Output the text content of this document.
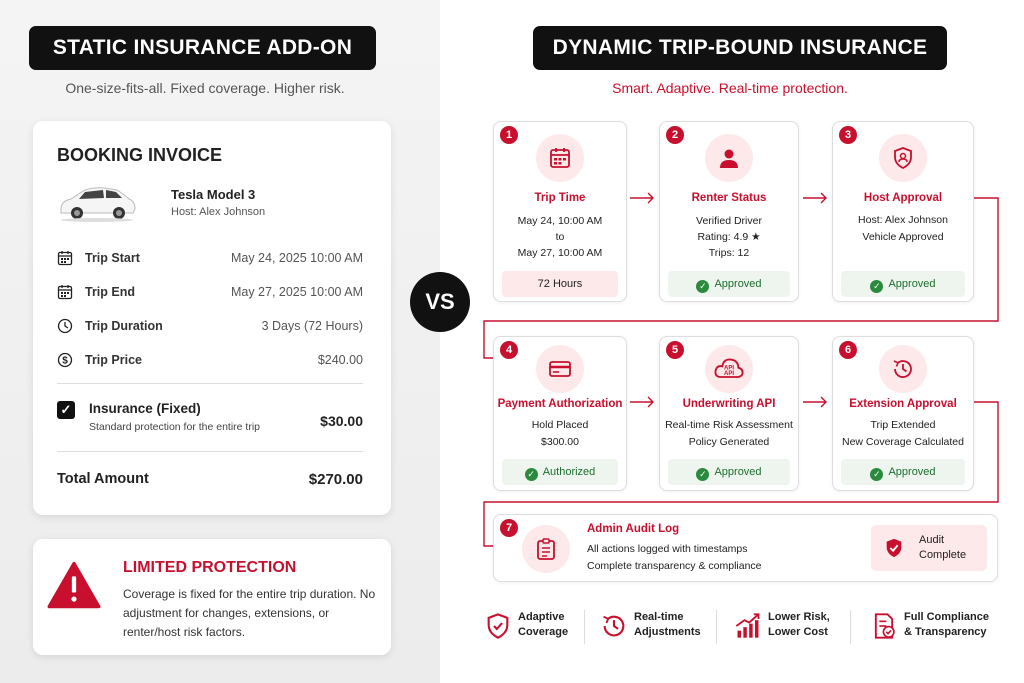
STATIC INSURANCE ADD-ON
One-size-fits-all. Fixed coverage. Higher risk.
BOOKING INVOICE
Tesla Model 3
Host: Alex Johnson
Trip Start	May 24, 2025 10:00 AM
Trip End	May 27, 2025 10:00 AM
Trip Duration	3 Days (72 Hours)
$ Trip Price	$240.00
✓ Insurance (Fixed)
Standard protection for the entire trip	$30.00
Total Amount	$270.00
LIMITED PROTECTION
Coverage is fixed for the entire trip duration. No adjustment for changes, extensions, or renter/host risk factors.
VS
DYNAMIC TRIP-BOUND INSURANCE
Smart. Adaptive. Real-time protection.
1
Trip Time
May 24, 10:00 AM
to
May 27, 10:00 AM
72 Hours
2
Renter Status
Verified Driver
Rating: 4.9 ★
Trips: 12
✓ Approved
3
Host Approval
Host: Alex Johnson
Vehicle Approved
✓ Approved
4
Payment Authorization
Hold Placed
$300.00
✓ Authorized
5
API
API
Underwriting API
Real-time Risk Assessment
Policy Generated
✓ Approved
6
Extension Approval
Trip Extended
New Coverage Calculated
✓ Approved
7	Admin Audit Log
All actions logged with timestamps
Complete transparency & compliance
Audit
Complete
Adaptive
Coverage
Real-time
Adjustments
Lower Risk,
Lower Cost
Full Compliance
& Transparency
